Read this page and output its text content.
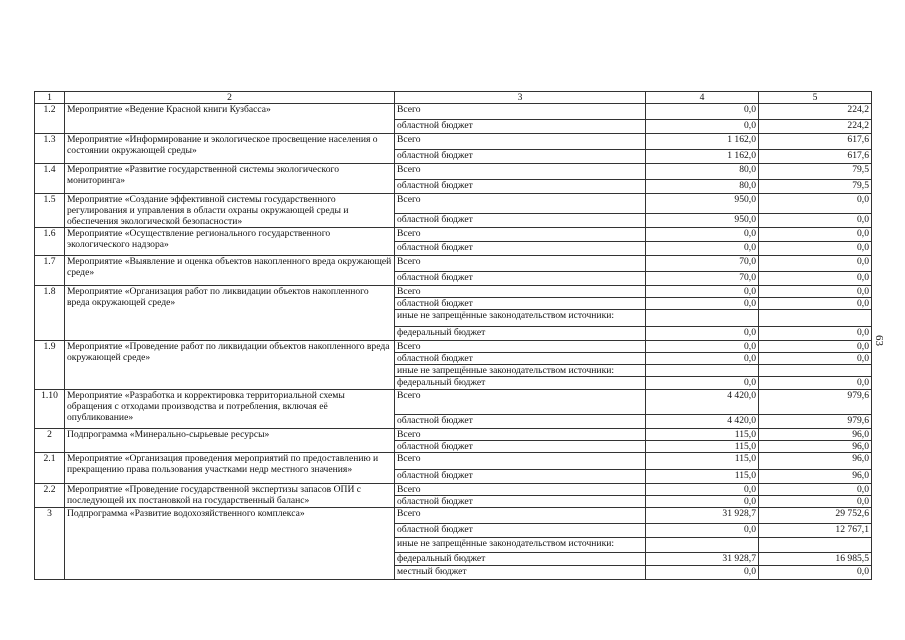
1	2	3	4	5
1.2	Мероприятие «Ведение Красной книги Кузбасса»	Всего	0,0	224,2
		областной бюджет	0,0	224,2
1.3	Мероприятие «Информирование и экологическое просвещение населения о состоянии окружающей среды»	Всего	1 162,0	617,6
		областной бюджет	1 162,0	617,6
1.4	Мероприятие «Развитие государственной системы экологического мониторинга»	Всего	80,0	79,5
		областной бюджет	80,0	79,5
1.5	Мероприятие «Создание эффективной системы государственного регулирования и управления в области охраны окружающей среды и обеспечения экологической безопасности»	Всего	950,0	0,0
		областной бюджет	950,0	0,0
1.6	Мероприятие «Осуществление регионального государственного экологического надзора»	Всего	0,0	0,0
		областной бюджет	0,0	0,0
1.7	Мероприятие «Выявление и оценка объектов накопленного вреда окружающей среде»	Всего	70,0	0,0
		областной бюджет	70,0	0,0
1.8	Мероприятие «Организация работ по ликвидации объектов накопленного вреда окружающей среде»	Всего	0,0	0,0
		областной бюджет	0,0	0,0
		иные не запрещённые законодательством источники:		
		федеральный бюджет	0,0	0,0
1.9	Мероприятие «Проведение работ по ликвидации объектов накопленного вреда окружающей среде»	Всего	0,0	0,0
		областной бюджет	0,0	0,0
		иные не запрещённые законодательством источники:		
		федеральный бюджет	0,0	0,0
1.10	Мероприятие «Разработка и корректировка территориальной схемы обращения с отходами производства и потребления, включая её опубликование»	Всего	4 420,0	979,6
		областной бюджет	4 420,0	979,6
2	Подпрограмма «Минерально-сырьевые ресурсы»	Всего	115,0	96,0
		областной бюджет	115,0	96,0
2.1	Мероприятие «Организация проведения мероприятий по предоставлению и прекращению права пользования участками недр местного значения»	Всего	115,0	96,0
		областной бюджет	115,0	96,0
2.2	Мероприятие «Проведение государственной экспертизы запасов ОПИ с последующей их постановкой на государственный баланс»	Всего	0,0	0,0
		областной бюджет	0,0	0,0
3	Подпрограмма «Развитие водохозяйственного комплекса»	Всего	31 928,7	29 752,6
		областной бюджет	0,0	12 767,1
		иные не запрещённые законодательством источники:		
		федеральный бюджет	31 928,7	16 985,5
		местный бюджет	0,0	0,0
63
